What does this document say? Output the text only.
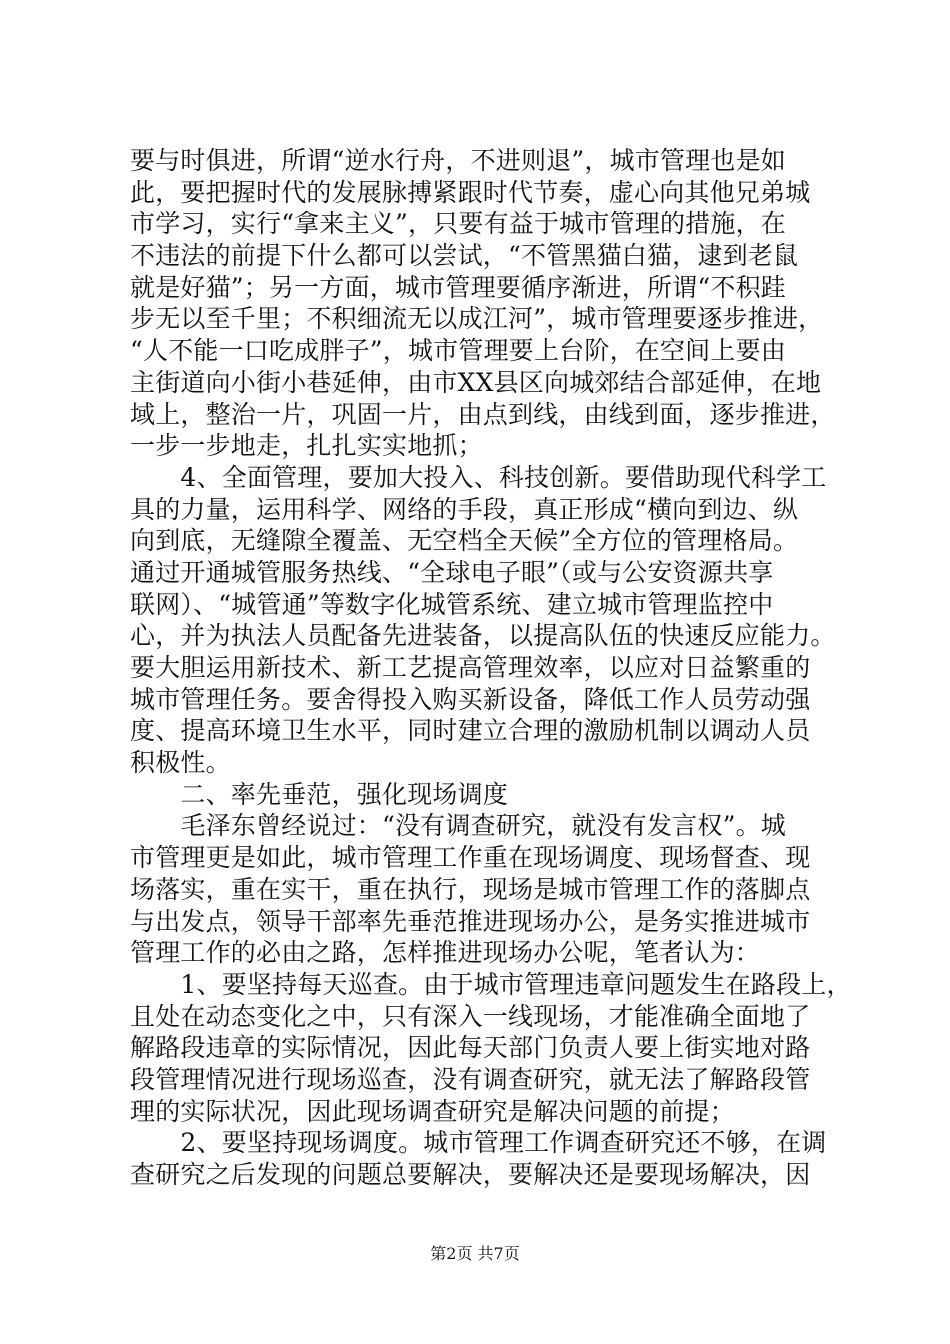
要与时俱进，所谓“逆水行舟，不进则退”，城市管理也是如
此，要把握时代的发展脉搏紧跟时代节奏，虚心向其他兄弟城
市学习，实行“拿来主义”，只要有益于城市管理的措施，在
不违法的前提下什么都可以尝试，“不管黑猫白猫，逮到老鼠
就是好猫”；另一方面，城市管理要循序渐进，所谓“不积跬
步无以至千里；不积细流无以成江河”，城市管理要逐步推进，
“人不能一口吃成胖子”，城市管理要上台阶，在空间上要由
主街道向小街小巷延伸，由市XX县区向城郊结合部延伸，在地
域上，整治一片，巩固一片，由点到线，由线到面，逐步推进，
一步一步地走，扎扎实实地抓；
　　4、全面管理，要加大投入、科技创新。要借助现代科学工
具的力量，运用科学、网络的手段，真正形成“横向到边、纵
向到底，无缝隙全覆盖、无空档全天候”全方位的管理格局。
通过开通城管服务热线、“全球电子眼”（或与公安资源共享
联网）、“城管通”等数字化城管系统、建立城市管理监控中
心，并为执法人员配备先进装备，以提高队伍的快速反应能力。
要大胆运用新技术、新工艺提高管理效率，以应对日益繁重的
城市管理任务。要舍得投入购买新设备，降低工作人员劳动强
度、提高环境卫生水平，同时建立合理的激励机制以调动人员
积极性。
　　二、率先垂范，强化现场调度
　　毛泽东曾经说过：“没有调查研究，就没有发言权”。城
市管理更是如此，城市管理工作重在现场调度、现场督查、现
场落实，重在实干，重在执行，现场是城市管理工作的落脚点
与出发点，领导干部率先垂范推进现场办公，是务实推进城市
管理工作的必由之路，怎样推进现场办公呢，笔者认为：
　　1、要坚持每天巡查。由于城市管理违章问题发生在路段上，
且处在动态变化之中，只有深入一线现场，才能准确全面地了
解路段违章的实际情况，因此每天部门负责人要上街实地对路
段管理情况进行现场巡查，没有调查研究，就无法了解路段管
理的实际状况，因此现场调查研究是解决问题的前提；
　　2、要坚持现场调度。城市管理工作调查研究还不够，在调
查研究之后发现的问题总要解决，要解决还是要现场解决，因
第2页 共7页
